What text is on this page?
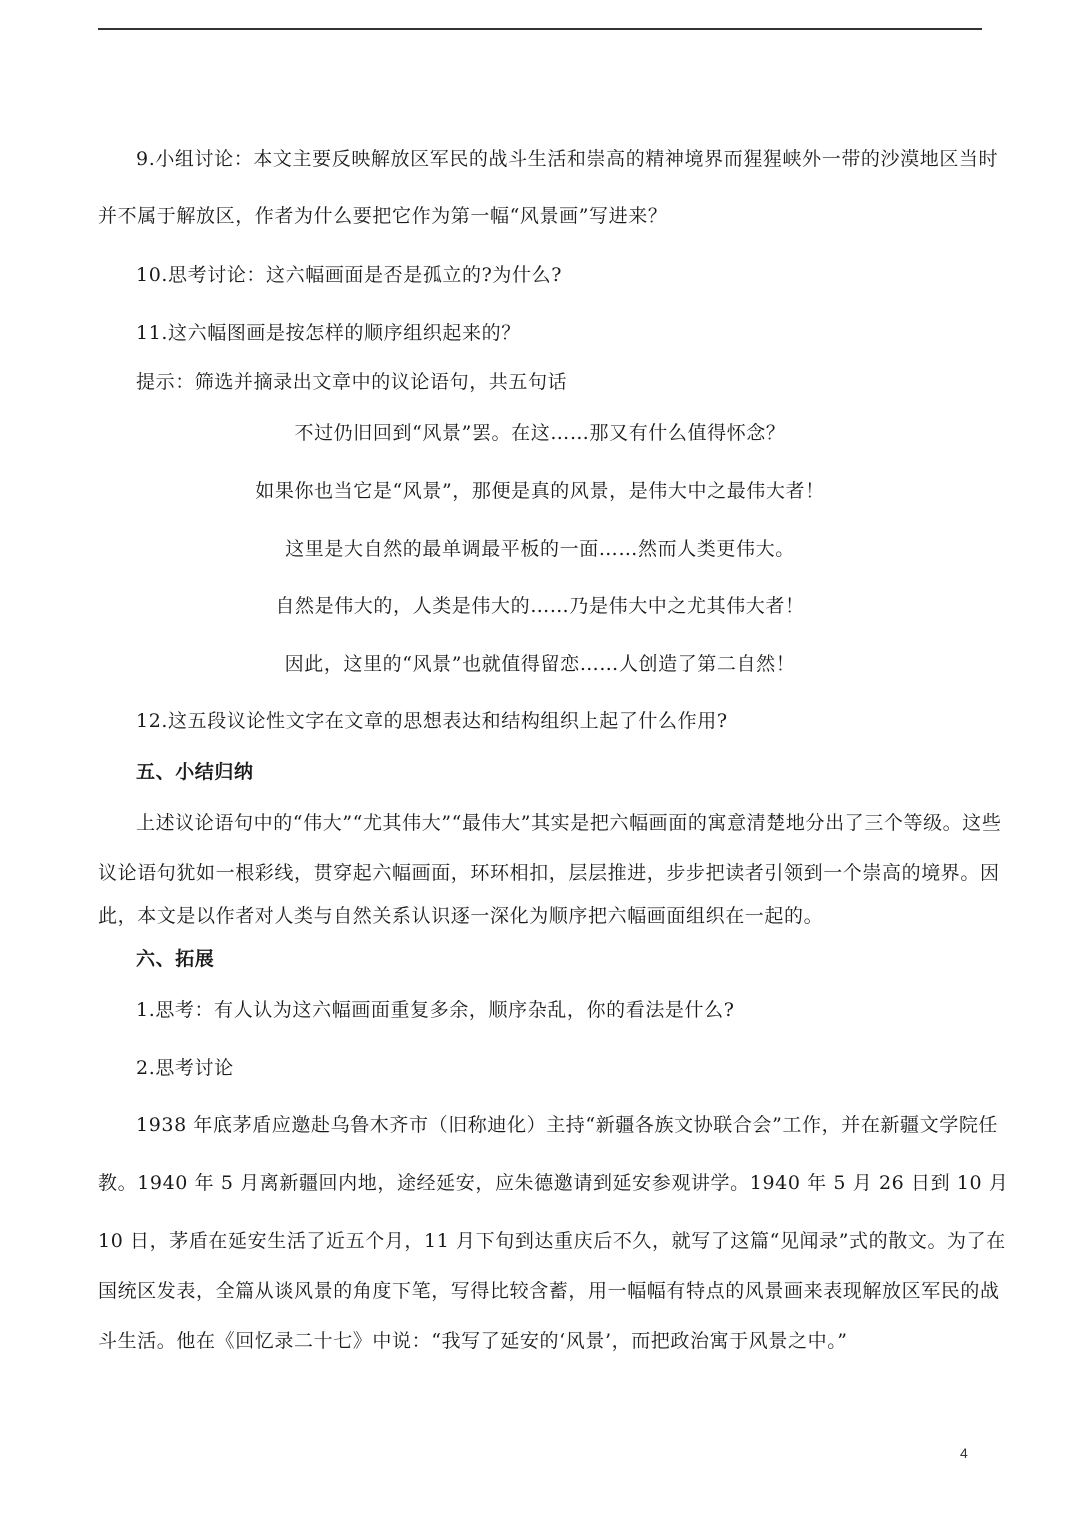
9.小组讨论：本文主要反映解放区军民的战斗生活和崇高的精神境界而猩猩峡外一带的沙漠地区当时
并不属于解放区，作者为什么要把它作为第一幅“风景画”写进来？
10.思考讨论：这六幅画面是否是孤立的?为什么?
11.这六幅图画是按怎样的顺序组织起来的？
提示：筛选并摘录出文章中的议论语句，共五句话
不过仍旧回到“风景”罢。在这……那又有什么值得怀念？
如果你也当它是“风景”，那便是真的风景，是伟大中之最伟大者！
这里是大自然的最单调最平板的一面……然而人类更伟大。
自然是伟大的，人类是伟大的……乃是伟大中之尤其伟大者！
因此，这里的“风景”也就值得留恋……人创造了第二自然！
12.这五段议论性文字在文章的思想表达和结构组织上起了什么作用?
五、小结归纳
上述议论语句中的“伟大”“尤其伟大”“最伟大”其实是把六幅画面的寓意清楚地分出了三个等级。这些
议论语句犹如一根彩线，贯穿起六幅画面，环环相扣，层层推进，步步把读者引领到一个崇高的境界。因
此，本文是以作者对人类与自然关系认识逐一深化为顺序把六幅画面组织在一起的。
六、拓展
1.思考：有人认为这六幅画面重复多余，顺序杂乱，你的看法是什么?
2.思考讨论
1938 年底茅盾应邀赴乌鲁木齐市（旧称迪化）主持“新疆各族文协联合会”工作，并在新疆文学院任
教。1940 年 5 月离新疆回内地，途经延安，应朱德邀请到延安参观讲学。1940 年 5 月 26 日到 10 月
10 日，茅盾在延安生活了近五个月，11 月下旬到达重庆后不久，就写了这篇“见闻录”式的散文。为了在
国统区发表，全篇从谈风景的角度下笔，写得比较含蓄，用一幅幅有特点的风景画来表现解放区军民的战
斗生活。他在《回忆录二十七》中说：“我写了延安的‘风景’，而把政治寓于风景之中。”
4
